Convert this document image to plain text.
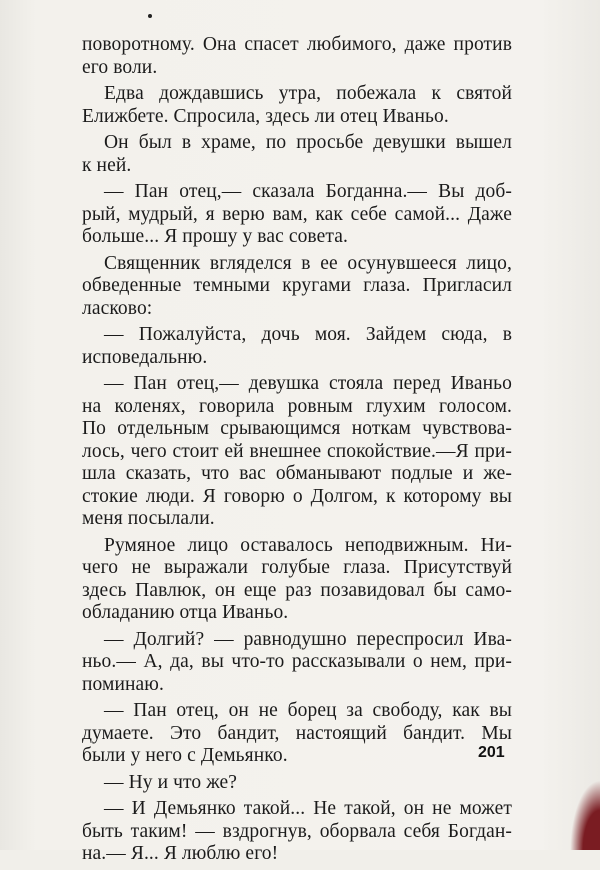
поворотному. Она спасет любимого, даже против
его воли.
Едва дождавшись утра, побежала к святой
Елижбете. Спросила, здесь ли отец Иваньо.
Он был в храме, по просьбе девушки вышел
к ней.
— Пан отец,— сказала Богданна.— Вы доб-
рый, мудрый, я верю вам, как себе самой... Даже
больше... Я прошу у вас совета.
Священник вгляделся в ее осунувшееся лицо,
обведенные темными кругами глаза. Пригласил
ласково:
— Пожалуйста, дочь моя. Зайдем сюда, в
исповедальню.
— Пан отец,— девушка стояла перед Иваньо
на коленях, говорила ровным глухим голосом.
По отдельным срывающимся ноткам чувствова-
лось, чего стоит ей внешнее спокойствие.—Я при-
шла сказать, что вас обманывают подлые и же-
стокие люди. Я говорю о Долгом, к которому вы
меня посылали.
Румяное лицо оставалось неподвижным. Ни-
чего не выражали голубые глаза. Присутствуй
здесь Павлюк, он еще раз позавидовал бы само-
обладанию отца Иваньо.
— Долгий? — равнодушно переспросил Ива-
ньо.— А, да, вы что-то рассказывали о нем, при-
поминаю.
— Пан отец, он не борец за свободу, как вы
думаете. Это бандит, настоящий бандит. Мы
были у него с Демьянко.
— Ну и что же?
— И Демьянко такой... Не такой, он не может
быть таким! — вздрогнув, оборвала себя Богдан-
на.— Я... Я люблю его!
201
